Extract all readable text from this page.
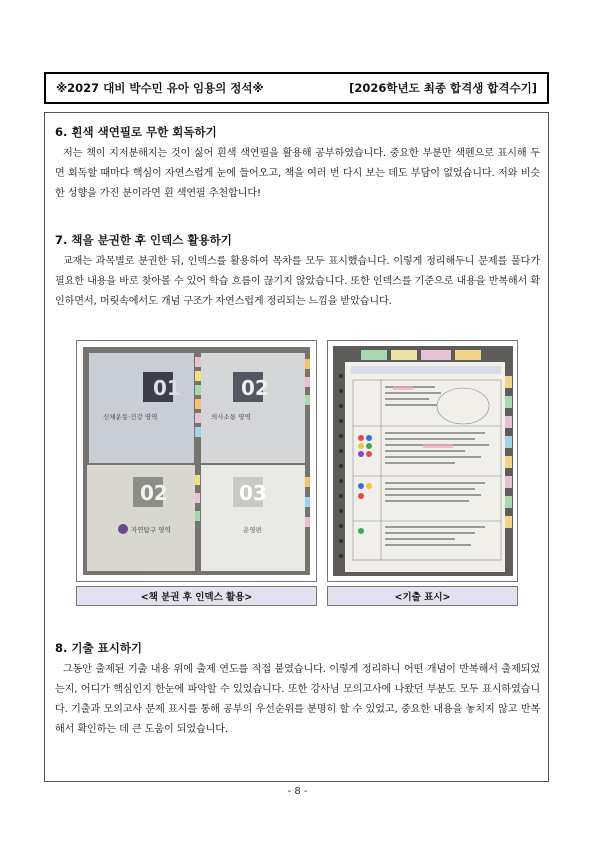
※2027 대비 박수민 유아 임용의 정석※	[2026학년도 최종 합격생 합격수기]

6. 흰색 색연필로 무한 회독하기

저는 책이 지저분해지는 것이 싫어 흰색 색연필을 활용해 공부하였습니다. 중요한 부분만 색펜으로 표시해 두면 회독할 때마다 핵심이 자연스럽게 눈에 들어오고, 책을 여러 번 다시 보는 데도 부담이 없었습니다. 저와 비슷한 성향을 가진 분이라면 흰 색연필 추천합니다!

7. 책을 분권한 후 인덱스 활용하기

교재는 과목별로 분권한 뒤, 인덱스를 활용하여 목차를 모두 표시했습니다. 이렇게 정리해두니 문제를 풀다가 필요한 내용을 바로 찾아볼 수 있어 학습 흐름이 끊기지 않았습니다. 또한 인덱스를 기준으로 내용을 반복해서 확인하면서, 머릿속에서도 개념 구조가 자연스럽게 정리되는 느낌을 받았습니다.

01
신체운동·건강 영역
02
의사소통 영역
02
자연탐구 영역
03
운영편
<책 분권 후 인덱스 활용>	<기출 표시>

8. 기출 표시하기

그동안 출제된 기출 내용 위에 출제 연도를 직접 붙였습니다. 이렇게 정리하니 어떤 개념이 반복해서 출제되었는지, 어디가 핵심인지 한눈에 파악할 수 있었습니다. 또한 강사님 모의고사에 나왔던 부분도 모두 표시하였습니다. 기출과 모의고사 문제 표시를 통해 공부의 우선순위를 분명히 할 수 있었고, 중요한 내용을 놓치지 않고 반복해서 확인하는 데 큰 도움이 되었습니다.

- 8 -
